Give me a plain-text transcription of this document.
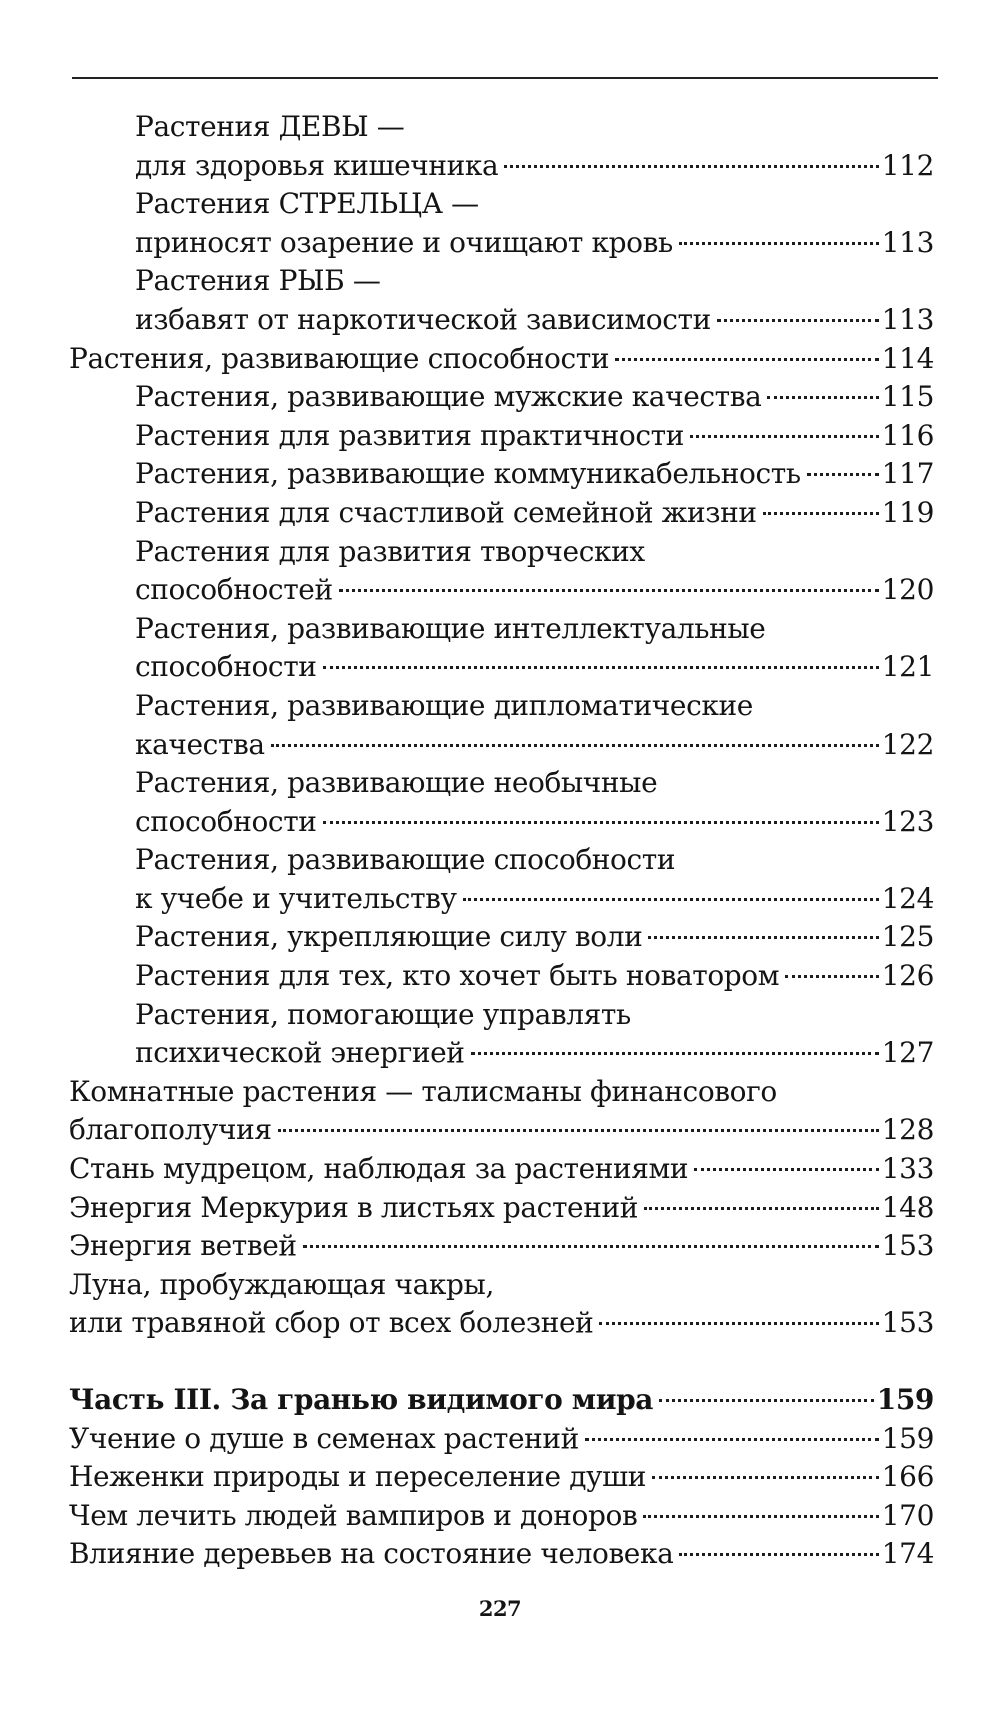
Растения ДЕВЫ —
для здоровья кишечника	112
Растения СТРЕЛЬЦА —
приносят озарение и очищают кровь	113
Растения РЫБ —
избавят от наркотической зависимости	113
Растения, развивающие способности	114
Растения, развивающие мужские качества	115
Растения для развития практичности	116
Растения, развивающие коммуникабельность	117
Растения для счастливой семейной жизни	119
Растения для развития творческих
способностей	120
Растения, развивающие интеллектуальные
способности	121
Растения, развивающие дипломатические
качества	122
Растения, развивающие необычные
способности	123
Растения, развивающие способности
к учебе и учительству	124
Растения, укрепляющие силу воли	125
Растения для тех, кто хочет быть новатором	126
Растения, помогающие управлять
психической энергией	127
Комнатные растения — талисманы финансового
благополучия	128
Стань мудрецом, наблюдая за растениями	133
Энергия Меркурия в листьях растений	148
Энергия ветвей	153
Луна, пробуждающая чакры,
или травяной сбор от всех болезней	153
Часть III. За гранью видимого мира	159
Учение о душе в семенах растений	159
Неженки природы и переселение души	166
Чем лечить людей вампиров и доноров	170
Влияние деревьев на состояние человека	174
227
